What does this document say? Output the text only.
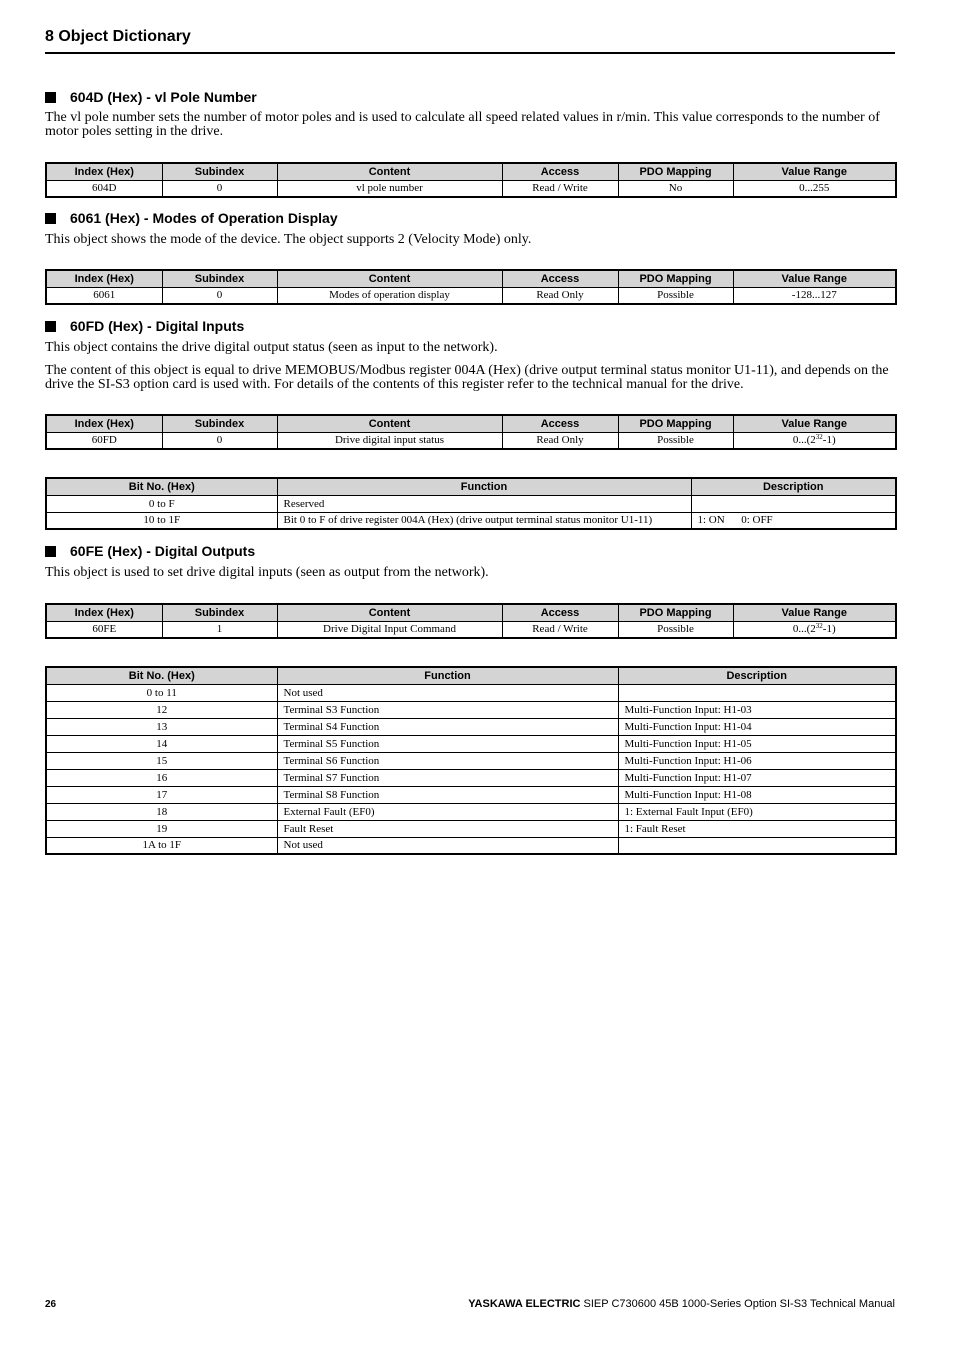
8 Object Dictionary
604D (Hex) - vl Pole Number

The vl pole number sets the number of motor poles and is used to calculate all speed related values in r/min. This value corresponds to the number of motor poles setting in the drive.

Index (Hex)	Subindex	Content	Access	PDO Mapping	Value Range
604D	0	vl pole number	Read / Write	No	0...255
6061 (Hex) - Modes of Operation Display

This object shows the mode of the device. The object supports 2 (Velocity Mode) only.

Index (Hex)	Subindex	Content	Access	PDO Mapping	Value Range
6061	0	Modes of operation display	Read Only	Possible	-128...127
60FD (Hex) - Digital Inputs

This object contains the drive digital output status (seen as input to the network).

The content of this object is equal to drive MEMOBUS/Modbus register 004A (Hex) (drive output terminal status monitor U1-11), and depends on the drive the SI-S3 option card is used with. For details of the contents of this register refer to the technical manual for the drive.

Index (Hex)	Subindex	Content	Access	PDO Mapping	Value Range
60FD	0	Drive digital input status	Read Only	Possible	$0...(2^{32}-1)$
Bit No. (Hex)	Function	Description
0 to F	Reserved	
10 to 1F	Bit 0 to F of drive register 004A (Hex) (drive output terminal status monitor U1-11)	1: ON      0: OFF
60FE (Hex) - Digital Outputs

This object is used to set drive digital inputs (seen as output from the network).

Index (Hex)	Subindex	Content	Access	PDO Mapping	Value Range
60FE	1	Drive Digital Input Command	Read / Write	Possible	$0...(2^{32}-1)$
Bit No. (Hex)	Function	Description
0 to 11	Not used	
12	Terminal S3 Function	Multi-Function Input: H1-03
13	Terminal S4 Function	Multi-Function Input: H1-04
14	Terminal S5 Function	Multi-Function Input: H1-05
15	Terminal S6 Function	Multi-Function Input: H1-06
16	Terminal S7 Function	Multi-Function Input: H1-07
17	Terminal S8 Function	Multi-Function Input: H1-08
18	External Fault (EF0)	1: External Fault Input (EF0)
19	Fault Reset	1: Fault Reset
1A to 1F	Not used	
26	YASKAWA ELECTRIC SIEP C730600 45B 1000-Series Option SI-S3 Technical Manual
